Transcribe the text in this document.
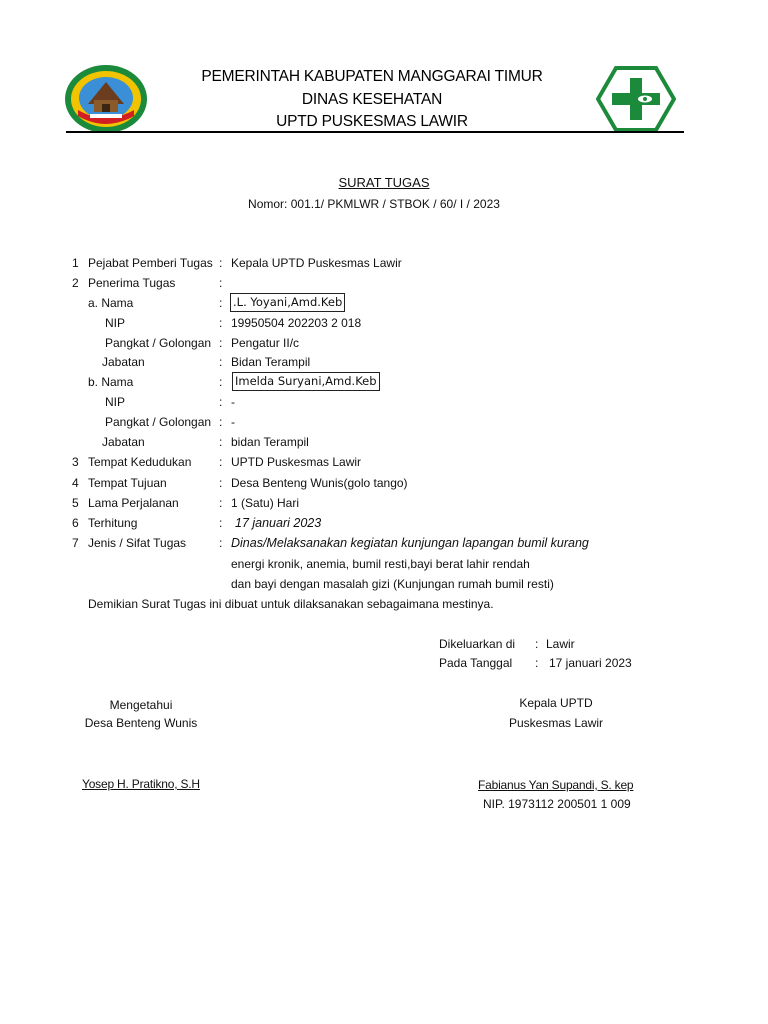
PEMERINTAH KABUPATEN MANGGARAI TIMUR
DINAS KESEHATAN
UPTD PUSKESMAS LAWIR
SURAT TUGAS
Nomor: 001.1/ PKMLWR / STBOK / 60/ I / 2023
1 Pejabat Pemberi Tugas : Kepala UPTD Puskesmas Lawir
2 Penerima Tugas	:
a. Nama	: .L. Yoyani,Amd.Keb
NIP	: 19950504 202203 2 018
Pangkat / Golongan : Pengatur II/c
Jabatan	: Bidan Terampil
b. Nama	: Imelda Suryani,Amd.Keb
NIP	: -
Pangkat / Golongan : -
Jabatan	: bidan Terampil
3 Tempat Kedudukan : UPTD Puskesmas Lawir
4 Tempat Tujuan	: Desa Benteng Wunis(golo tango)
5 Lama Perjalanan	: 1 (Satu) Hari
6 Terhitung	: 17 januari 2023
7 Jenis / Sifat Tugas	: Dinas/Melaksanakan kegiatan kunjungan lapangan bumil kurang
energi kronik, anemia, bumil resti,bayi berat lahir rendah
dan bayi dengan masalah gizi (Kunjungan rumah bumil resti)
Demikian Surat Tugas ini dibuat untuk dilaksanakan sebagaimana mestinya.
Dikeluarkan di : Lawir
Pada Tanggal : 17 januari 2023
Mengetahui
Desa Benteng Wunis
Yosep H. Pratikno, S.H
Kepala UPTD
Puskesmas Lawir
Fabianus Yan Supandi, S. kep
NIP. 1973112 200501 1 009
